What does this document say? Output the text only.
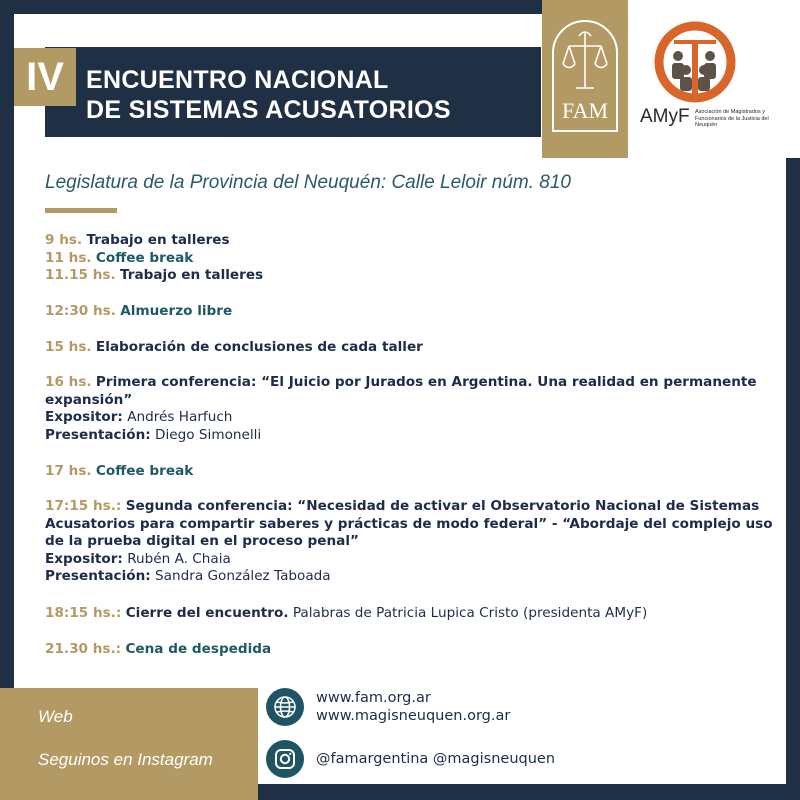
IV ENCUENTRO NACIONAL
DE SISTEMAS ACUSATORIOS	FAM	AMyF Asociación de Magistrados y Funcionarios de la Justicia del Neuquén
Legislatura de la Provincia del Neuquén: Calle Leloir núm. 810
9 hs. Trabajo en talleres
11 hs. Coffee break
11.15 hs. Trabajo en talleres
12:30 hs. Almuerzo libre
15 hs. Elaboración de conclusiones de cada taller
16 hs. Primera conferencia: “El Juicio por Jurados en Argentina. Una realidad en permanente expansión”
Expositor: Andrés Harfuch
Presentación: Diego Simonelli
17 hs. Coffee break
17:15 hs.: Segunda conferencia: “Necesidad de activar el Observatorio Nacional de Sistemas Acusatorios para compartir saberes y prácticas de modo federal” - “Abordaje del complejo uso de la prueba digital en el proceso penal”
Expositor: Rubén A. Chaia
Presentación: Sandra González Taboada
18:15 hs.: Cierre del encuentro. Palabras de Patricia Lupica Cristo (presidenta AMyF)
21.30 hs.: Cena de despedida
Web
Seguinos en Instagram
www.fam.org.ar
www.magisneuquen.org.ar
@famargentina @magisneuquen
